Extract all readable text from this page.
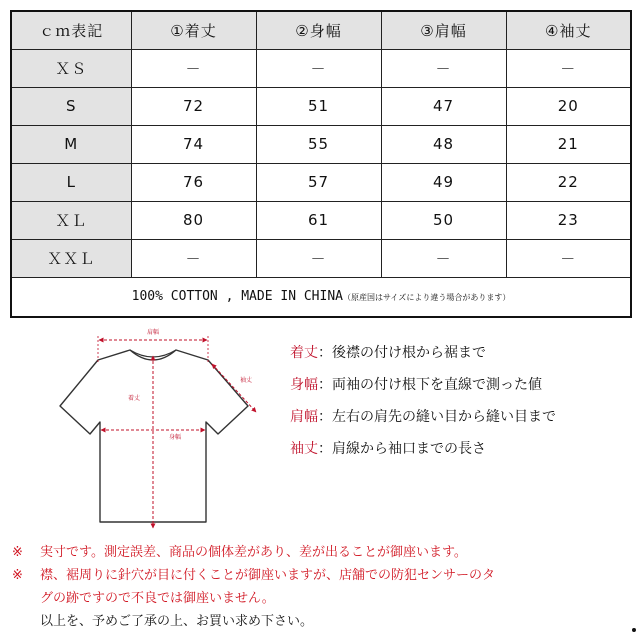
ｃｍ表記	①着丈	②身幅	③肩幅	④袖丈
ＸＳ	－	－	－	－
S	72	51	47	20
M	74	55	48	21
L	76	57	49	22
ＸＬ	80	61	50	23
ＸＸＬ	－	－	－	－
100% COTTON , MADE IN CHINA（原産国はサイズにより違う場合があります）				
肩幅
着丈
身幅
袖丈
着丈：後襟の付け根から裾まで
身幅：両袖の付け根下を直線で測った値
肩幅：左右の肩先の縫い目から縫い目まで
袖丈：肩線から袖口までの長さ
※ 実寸です。測定誤差、商品の個体差があり、差が出ることが御座います。
※ 襟、裾周りに針穴が目に付くことが御座いますが、店舗での防犯センサーのタ
グの跡ですので不良では御座いません。
以上を、予めご了承の上、お買い求め下さい。
